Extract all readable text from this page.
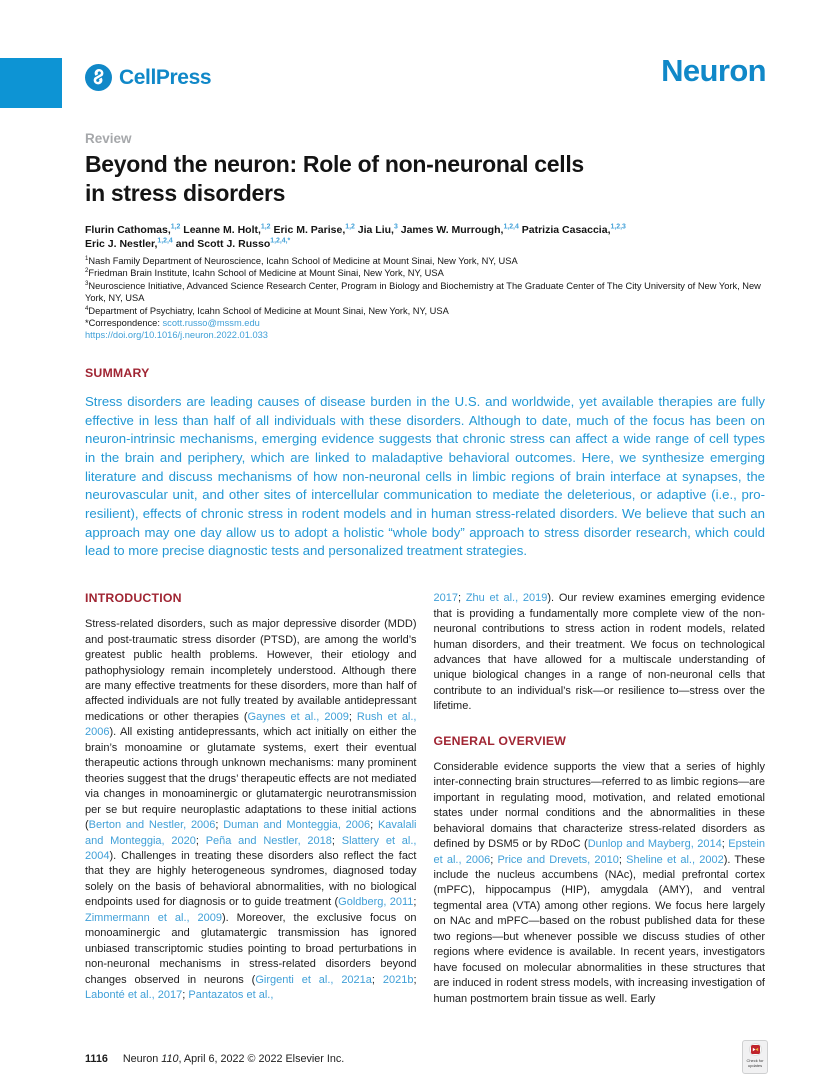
CellPress	Neuron
Review
Beyond the neuron: Role of non-neuronal cells
in stress disorders

Flurin Cathomas,$^{1,2}$ Leanne M. Holt,$^{1,2}$ Eric M. Parise,$^{1,2}$ Jia Liu,$^3$ James W. Murrough,$^{1,2,4}$ Patrizia Casaccia,$^{1,2,3}$
Eric J. Nestler,$^{1,2,4}$ and Scott J. Russo$^{1,2,4,*}$

$^1$Nash Family Department of Neuroscience, Icahn School of Medicine at Mount Sinai, New York, NY, USA

$^2$Friedman Brain Institute, Icahn School of Medicine at Mount Sinai, New York, NY, USA

$^3$Neuroscience Initiative, Advanced Science Research Center, Program in Biology and Biochemistry at The Graduate Center of The City University of New York, New York, NY, USA

$^4$Department of Psychiatry, Icahn School of Medicine at Mount Sinai, New York, NY, USA

*Correspondence: scott.russo@mssm.edu

https://doi.org/10.1016/j.neuron.2022.01.033

SUMMARY

Stress disorders are leading causes of disease burden in the U.S. and worldwide, yet available therapies are fully effective in less than half of all individuals with these disorders. Although to date, much of the focus has been on neuron-intrinsic mechanisms, emerging evidence suggests that chronic stress can affect a wide range of cell types in the brain and periphery, which are linked to maladaptive behavioral outcomes. Here, we synthesize emerging literature and discuss mechanisms of how non-neuronal cells in limbic regions of brain interface at synapses, the neurovascular unit, and other sites of intercellular communication to mediate the deleterious, or adaptive (i.e., pro-resilient), effects of chronic stress in rodent models and in human stress-related disorders. We believe that such an approach may one day allow us to adopt a holistic “whole body” approach to stress disorder research, which could lead to more precise diagnostic tests and personalized treatment strategies.

INTRODUCTION

Stress-related disorders, such as major depressive disorder (MDD) and post-traumatic stress disorder (PTSD), are among the world’s greatest public health problems. However, their etiology and pathophysiology remain incompletely understood. Although there are many effective treatments for these disorders, more than half of affected individuals are not fully treated by available antidepressant medications or other therapies (Gaynes et al., 2009; Rush et al., 2006). All existing antidepressants, which act initially on either the brain’s monoamine or glutamate systems, exert their eventual therapeutic actions through unknown mechanisms: many prominent theories suggest that the drugs’ therapeutic effects are not mediated via changes in monoaminergic or glutamatergic neurotransmission per se but require neuroplastic adaptations to these initial actions (Berton and Nestler, 2006; Duman and Monteggia, 2006; Kavalali and Monteggia, 2020; Peña and Nestler, 2018; Slattery et al., 2004). Challenges in treating these disorders also reflect the fact that they are highly heterogeneous syndromes, diagnosed today solely on the basis of behavioral abnormalities, with no biological endpoints used for diagnosis or to guide treatment (Goldberg, 2011; Zimmermann et al., 2009). Moreover, the exclusive focus on monoaminergic and glutamatergic transmission has ignored unbiased transcriptomic studies pointing to broad perturbations in non-neuronal mechanisms in stress-related disorders beyond changes observed in neurons (Girgenti et al., 2021a; 2021b; Labonté et al., 2017; Pantazatos et al.,

2017; Zhu et al., 2019). Our review examines emerging evidence that is providing a fundamentally more complete view of the non-neuronal contributions to stress action in rodent models, related human disorders, and their treatment. We focus on technological advances that have allowed for a multiscale understanding of unique biological changes in a range of non-neuronal cells that contribute to an individual’s risk—or resilience to—stress over the lifetime.

GENERAL OVERVIEW

Considerable evidence supports the view that a series of highly inter-connecting brain structures—referred to as limbic regions—are important in regulating mood, motivation, and related emotional states under normal conditions and the abnormalities in these behavioral domains that characterize stress-related disorders as defined by DSM5 or by RDoC (Dunlop and Mayberg, 2014; Epstein et al., 2006; Price and Drevets, 2010; Sheline et al., 2002). These include the nucleus accumbens (NAc), medial prefrontal cortex (mPFC), hippocampus (HIP), amygdala (AMY), and ventral tegmental area (VTA) among other regions. We focus here largely on NAc and mPFC—based on the robust published data for these two regions—but whenever possible we discuss studies of other regions where evidence is available. In recent years, investigators have focused on molecular abnormalities in these structures that are induced in rodent stress models, with increasing investigation of human postmortem brain tissue as well. Early

1116 Neuron 110, April 6, 2022 © 2022 Elsevier Inc.	Check for updates
